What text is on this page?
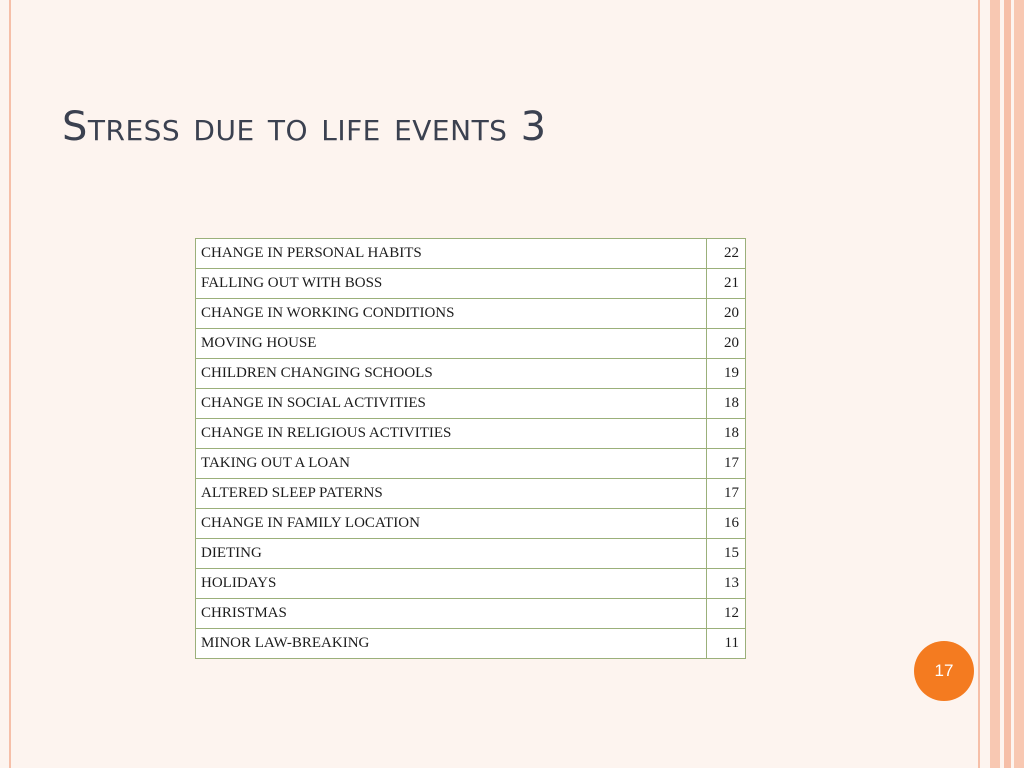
Stress due to life events 3
CHANGE IN PERSONAL HABITS	22
FALLING OUT WITH BOSS	21
CHANGE IN WORKING CONDITIONS	20
MOVING HOUSE	20
CHILDREN CHANGING SCHOOLS	19
CHANGE IN SOCIAL ACTIVITIES	18
CHANGE IN RELIGIOUS ACTIVITIES	18
TAKING OUT A LOAN	17
ALTERED SLEEP PATERNS	17
CHANGE IN FAMILY LOCATION	16
DIETING	15
HOLIDAYS	13
CHRISTMAS	12
MINOR LAW-BREAKING	11
17
